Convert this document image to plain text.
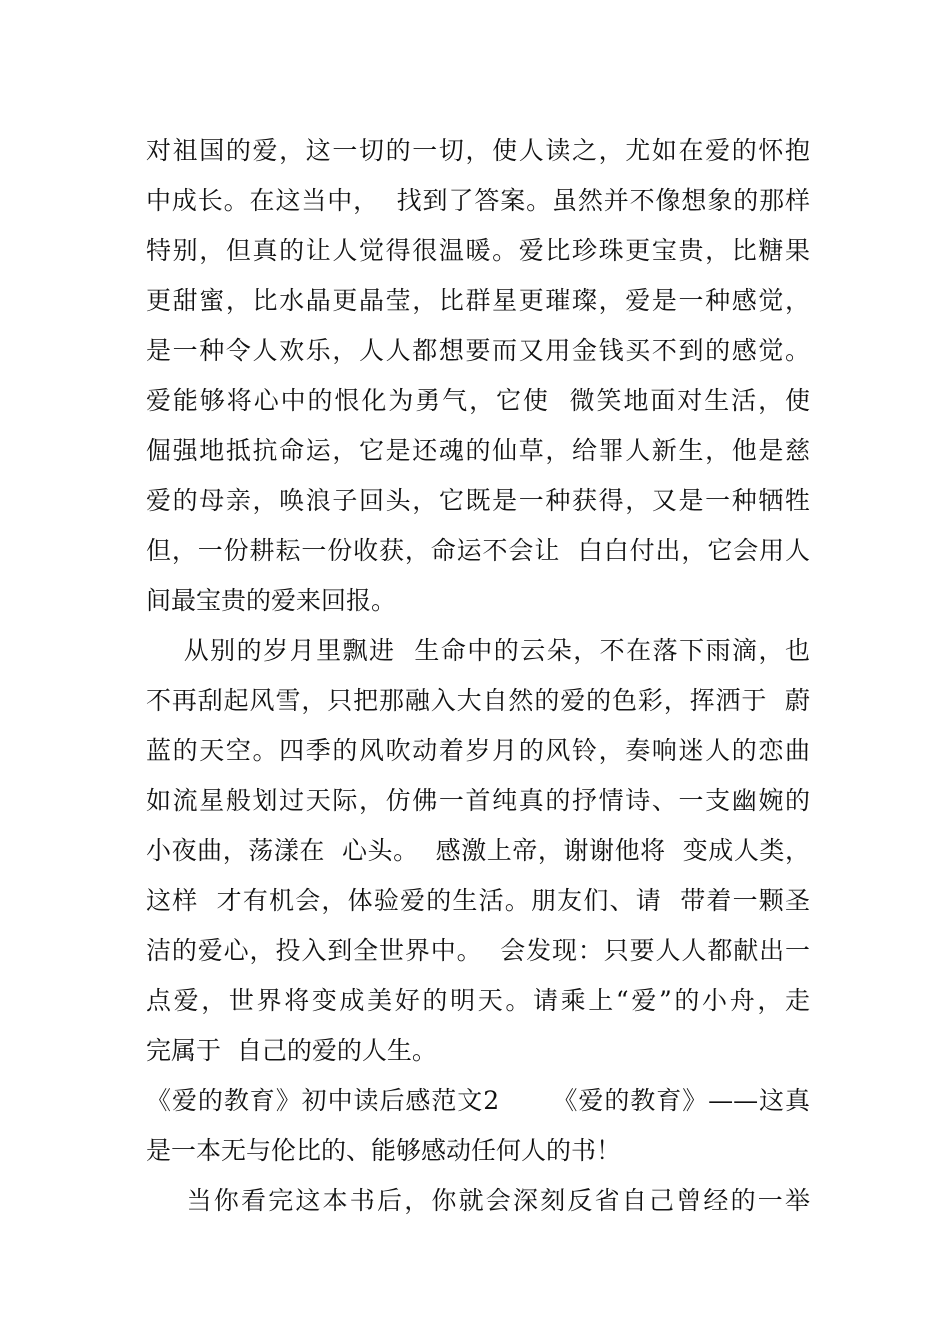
对祖国的爱，这一切的一切，使人读之，尤如在爱的怀抱
中成长。在这当中，  找到了答案。虽然并不像想象的那样
特别，但真的让人觉得很温暖。爱比珍珠更宝贵，比糖果
更甜蜜，比水晶更晶莹，比群星更璀璨，爱是一种感觉，
是一种令人欢乐，人人都想要而又用金钱买不到的感觉。
爱能够将心中的恨化为勇气，它使  微笑地面对生活，使
倔强地抵抗命运，它是还魂的仙草，给罪人新生，他是慈
爱的母亲，唤浪子回头，它既是一种获得，又是一种牺牲
但，一份耕耘一份收获，命运不会让  白白付出，它会用人
间最宝贵的爱来回报。
从别的岁月里飘进  生命中的云朵，不在落下雨滴，也
不再刮起风雪，只把那融入大自然的爱的色彩，挥洒于  蔚
蓝的天空。四季的风吹动着岁月的风铃，奏响迷人的恋曲
如流星般划过天际，仿佛一首纯真的抒情诗、一支幽婉的
小夜曲，荡漾在  心头。  感激上帝，谢谢他将  变成人类，
这样  才有机会，体验爱的生活。朋友们、请  带着一颗圣
洁的爱心，投入到全世界中。  会发现：只要人人都献出一
点爱，世界将变成美好的明天。请乘上“爱”的小舟，走
完属于  自己的爱的人生。
《爱的教育》初中读后感范文2      《爱的教育》——这真
是一本无与伦比的、能够感动任何人的书！
当你看完这本书后，你就会深刻反省自己曾经的一举
